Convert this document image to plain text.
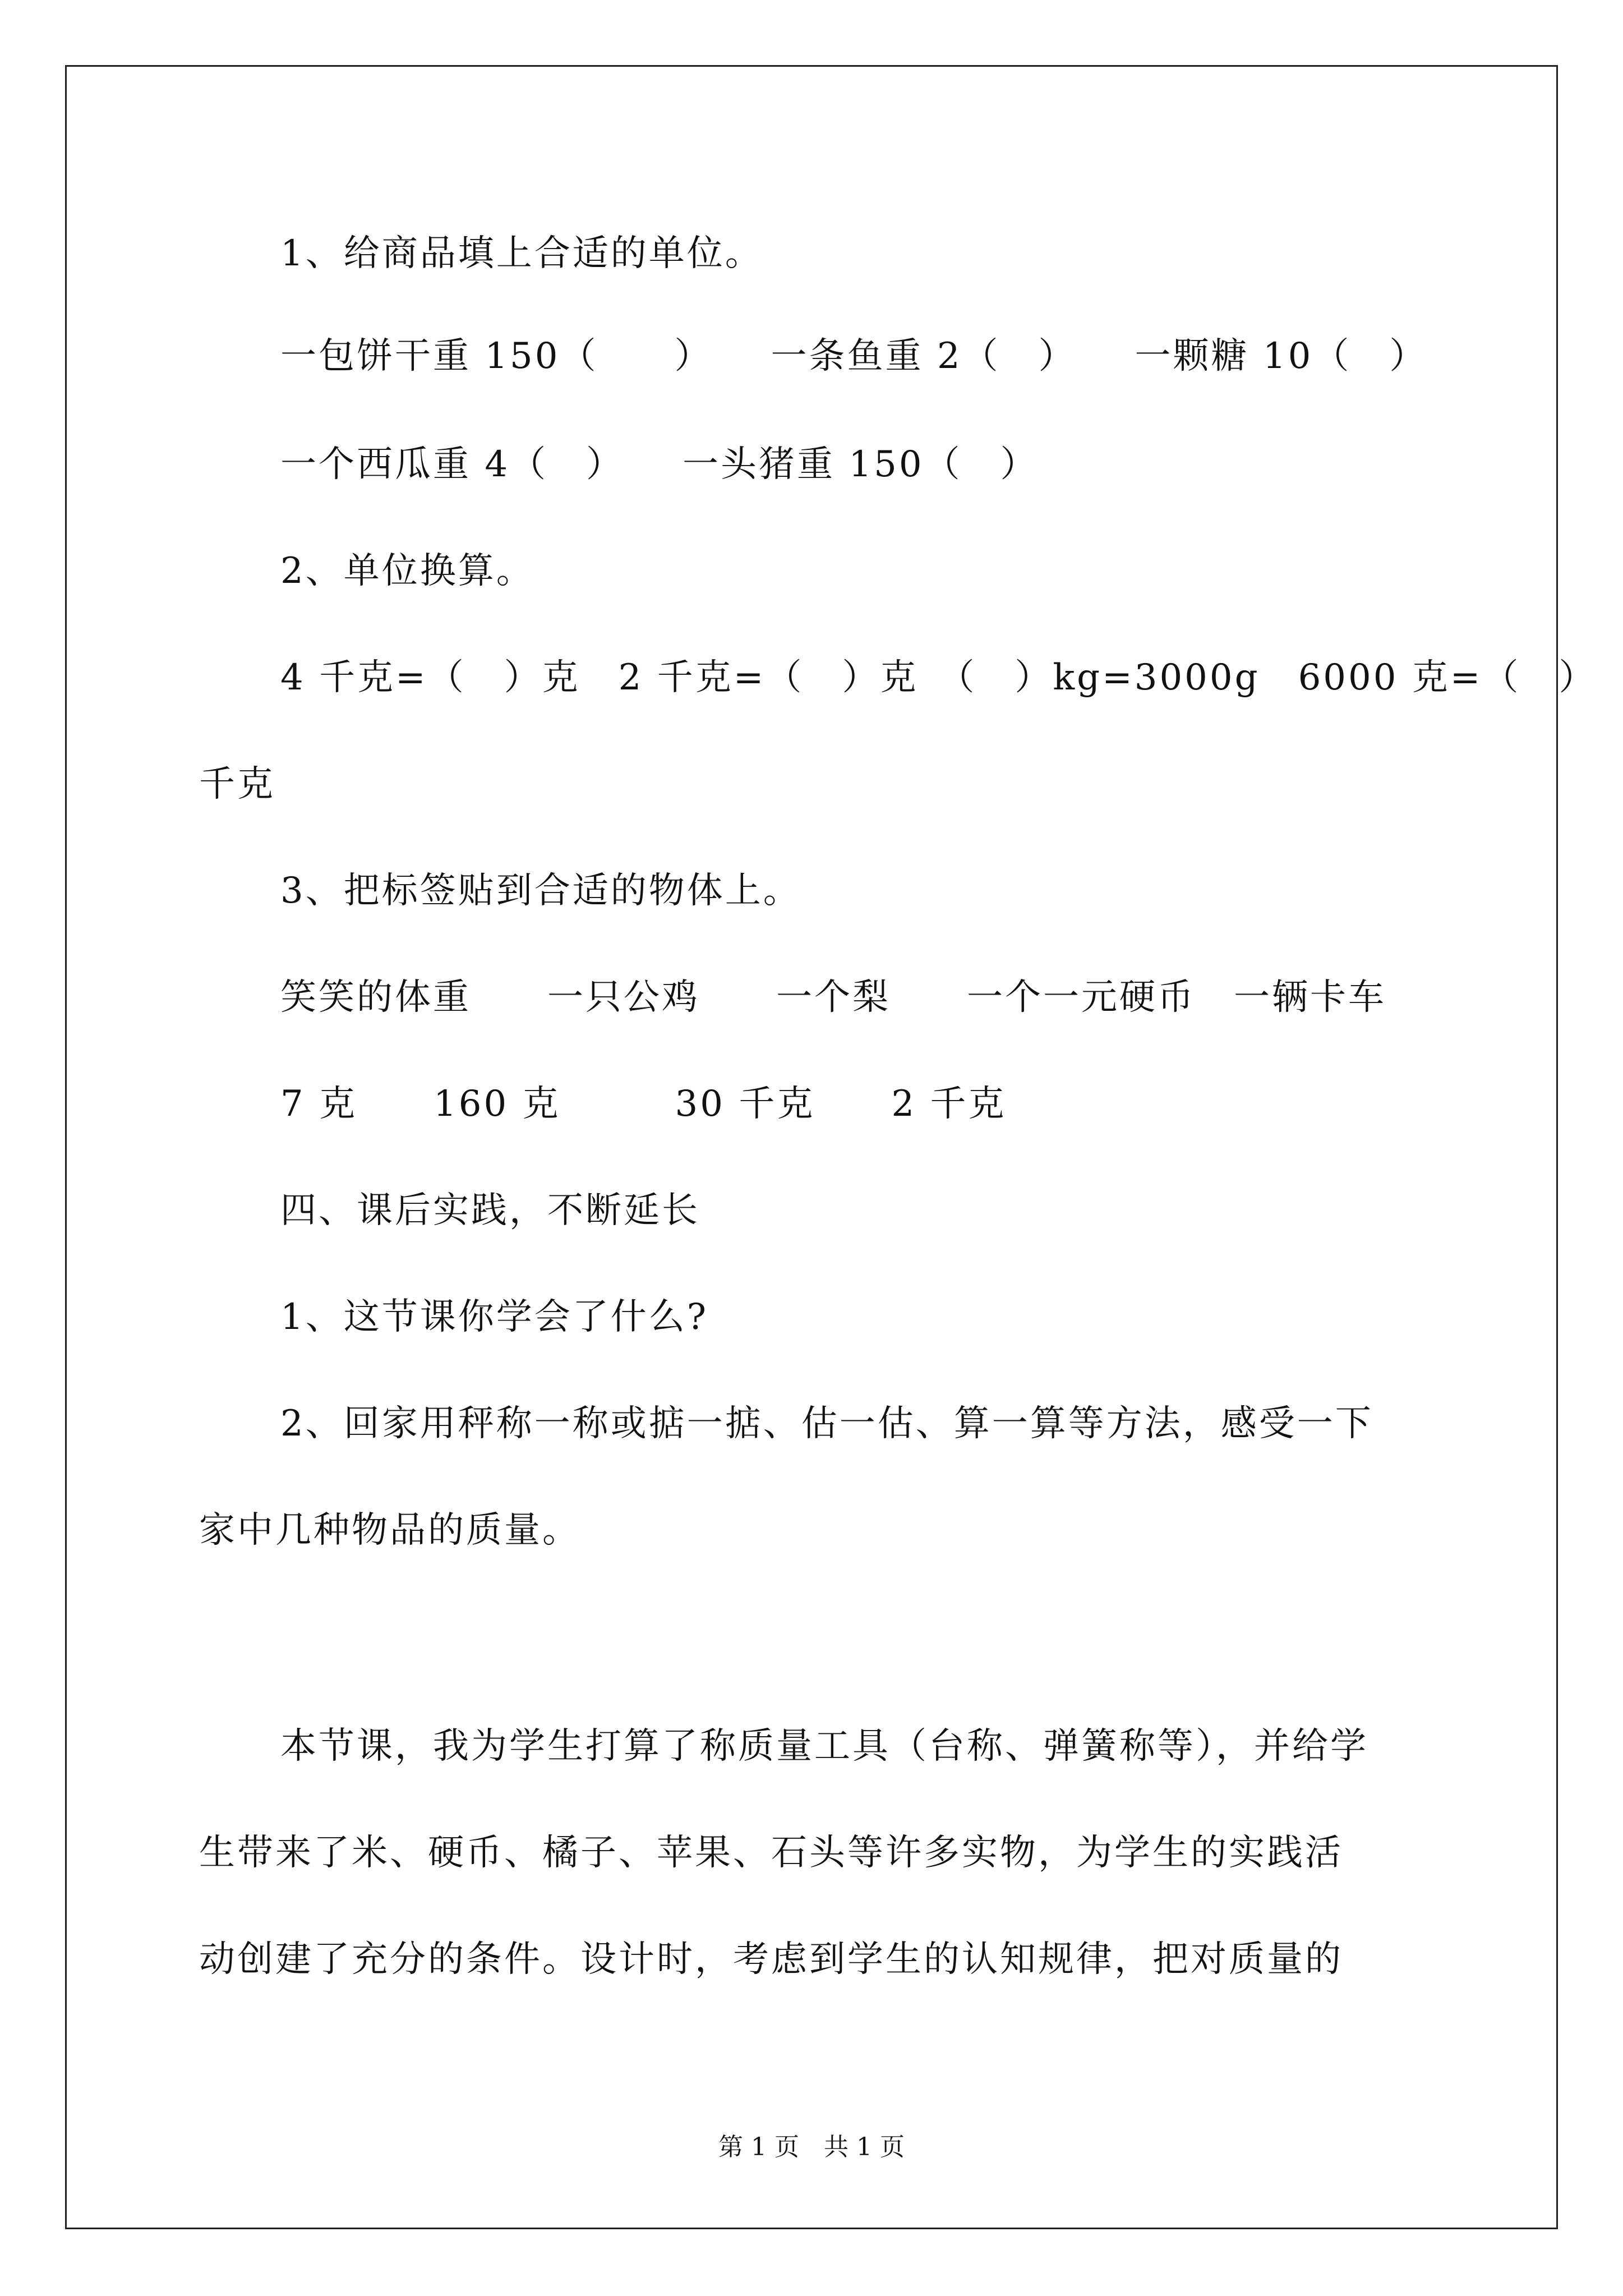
1、给商品填上合适的单位。
一包饼干重 150（　　）　　一条鱼重 2（　）　　一颗糖 10（　）
一个西瓜重 4（　）　　一头猪重 150（　）
2、单位换算。
4 千克=（　）克　2 千克=（　）克　（　）kg=3000g　6000 克=（　）
千克
3、把标签贴到合适的物体上。
笑笑的体重　　一只公鸡　　一个梨　　一个一元硬币　一辆卡车
7 克　　160 克　　　30 千克　　2 千克
四、课后实践，不断延长
1、这节课你学会了什么?
2、回家用秤称一称或掂一掂、估一估、算一算等方法，感受一下
家中几种物品的质量。
本节课，我为学生打算了称质量工具（台称、弹簧称等），并给学
生带来了米、硬币、橘子、苹果、石头等许多实物，为学生的实践活
动创建了充分的条件。设计时，考虑到学生的认知规律，把对质量的
第 1 页　共 1 页
